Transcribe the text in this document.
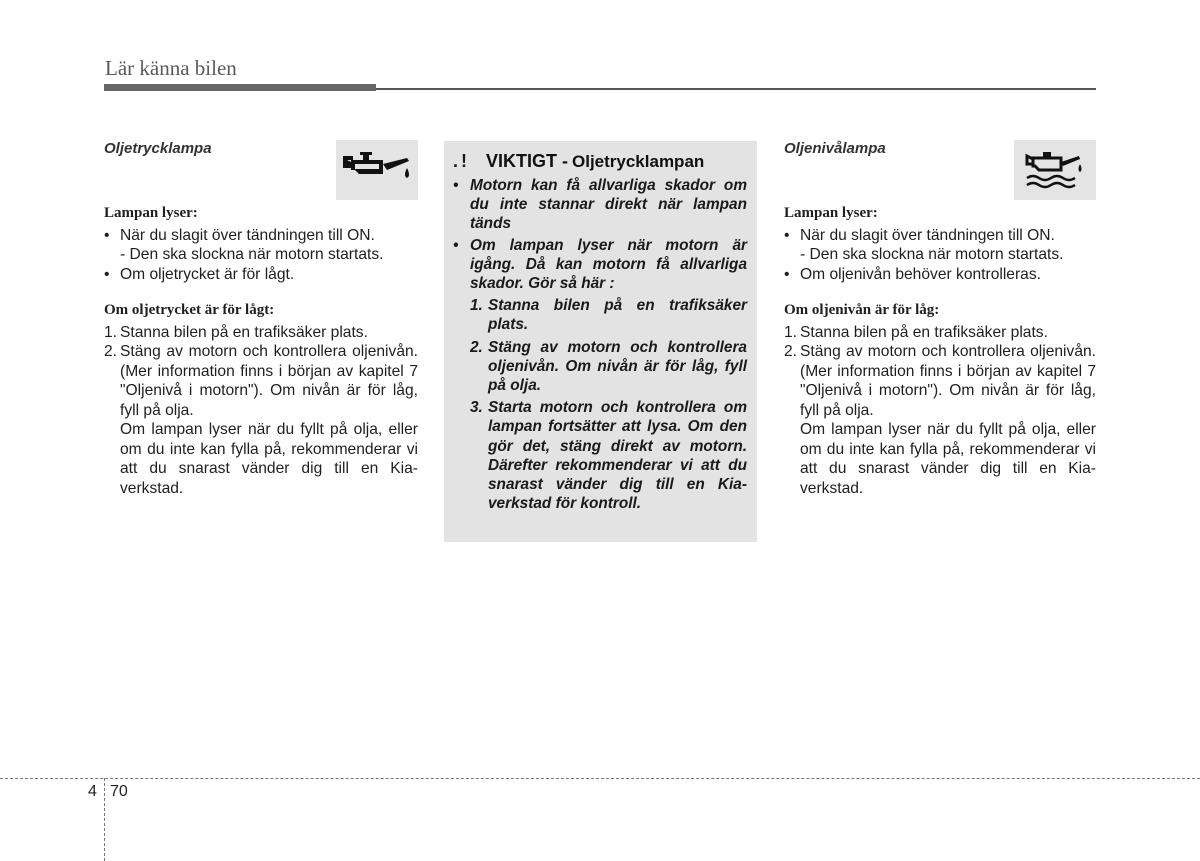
Lär känna bilen
Oljetrycklampa
Lampan lyser:
• När du slagit över tändningen till ON.
- Den ska slockna när motorn startats.
• Om oljetrycket är för lågt.
Om oljetrycket är för lågt:
1. Stanna bilen på en trafiksäker plats.
2. Stäng av motorn och kontrollera oljenivån. (Mer information finns i början av kapitel 7 "Oljenivå i motorn"). Om nivån är för låg, fyll på olja.
Om lampan lyser när du fyllt på olja, eller om du inte kan fylla på, rekommenderar vi att du snarast vänder dig till en Kia-verkstad.
.! VIKTIGT - Oljetrycklampan
• Motorn kan få allvarliga skador om du inte stannar direkt när lampan tänds
• Om lampan lyser när motorn är igång. Då kan motorn få allvarliga skador. Gör så här :
1. Stanna bilen på en trafiksäker plats.
2. Stäng av motorn och kontrollera oljenivån. Om nivån är för låg, fyll på olja.
3. Starta motorn och kontrollera om lampan fortsätter att lysa. Om den gör det, stäng direkt av motorn. Därefter rekommenderar vi att du snarast vänder dig till en Kia-verkstad för kontroll.
Oljenivålampa
Lampan lyser:
• När du slagit över tändningen till ON.
- Den ska slockna när motorn startats.
• Om oljenivån behöver kontrolleras.
Om oljenivån är för låg:
1. Stanna bilen på en trafiksäker plats.
2. Stäng av motorn och kontrollera oljenivån. (Mer information finns i början av kapitel 7 "Oljenivå i motorn"). Om nivån är för låg, fyll på olja.
Om lampan lyser när du fyllt på olja, eller om du inte kan fylla på, rekommenderar vi att du snarast vänder dig till en Kia-verkstad.
4 70
